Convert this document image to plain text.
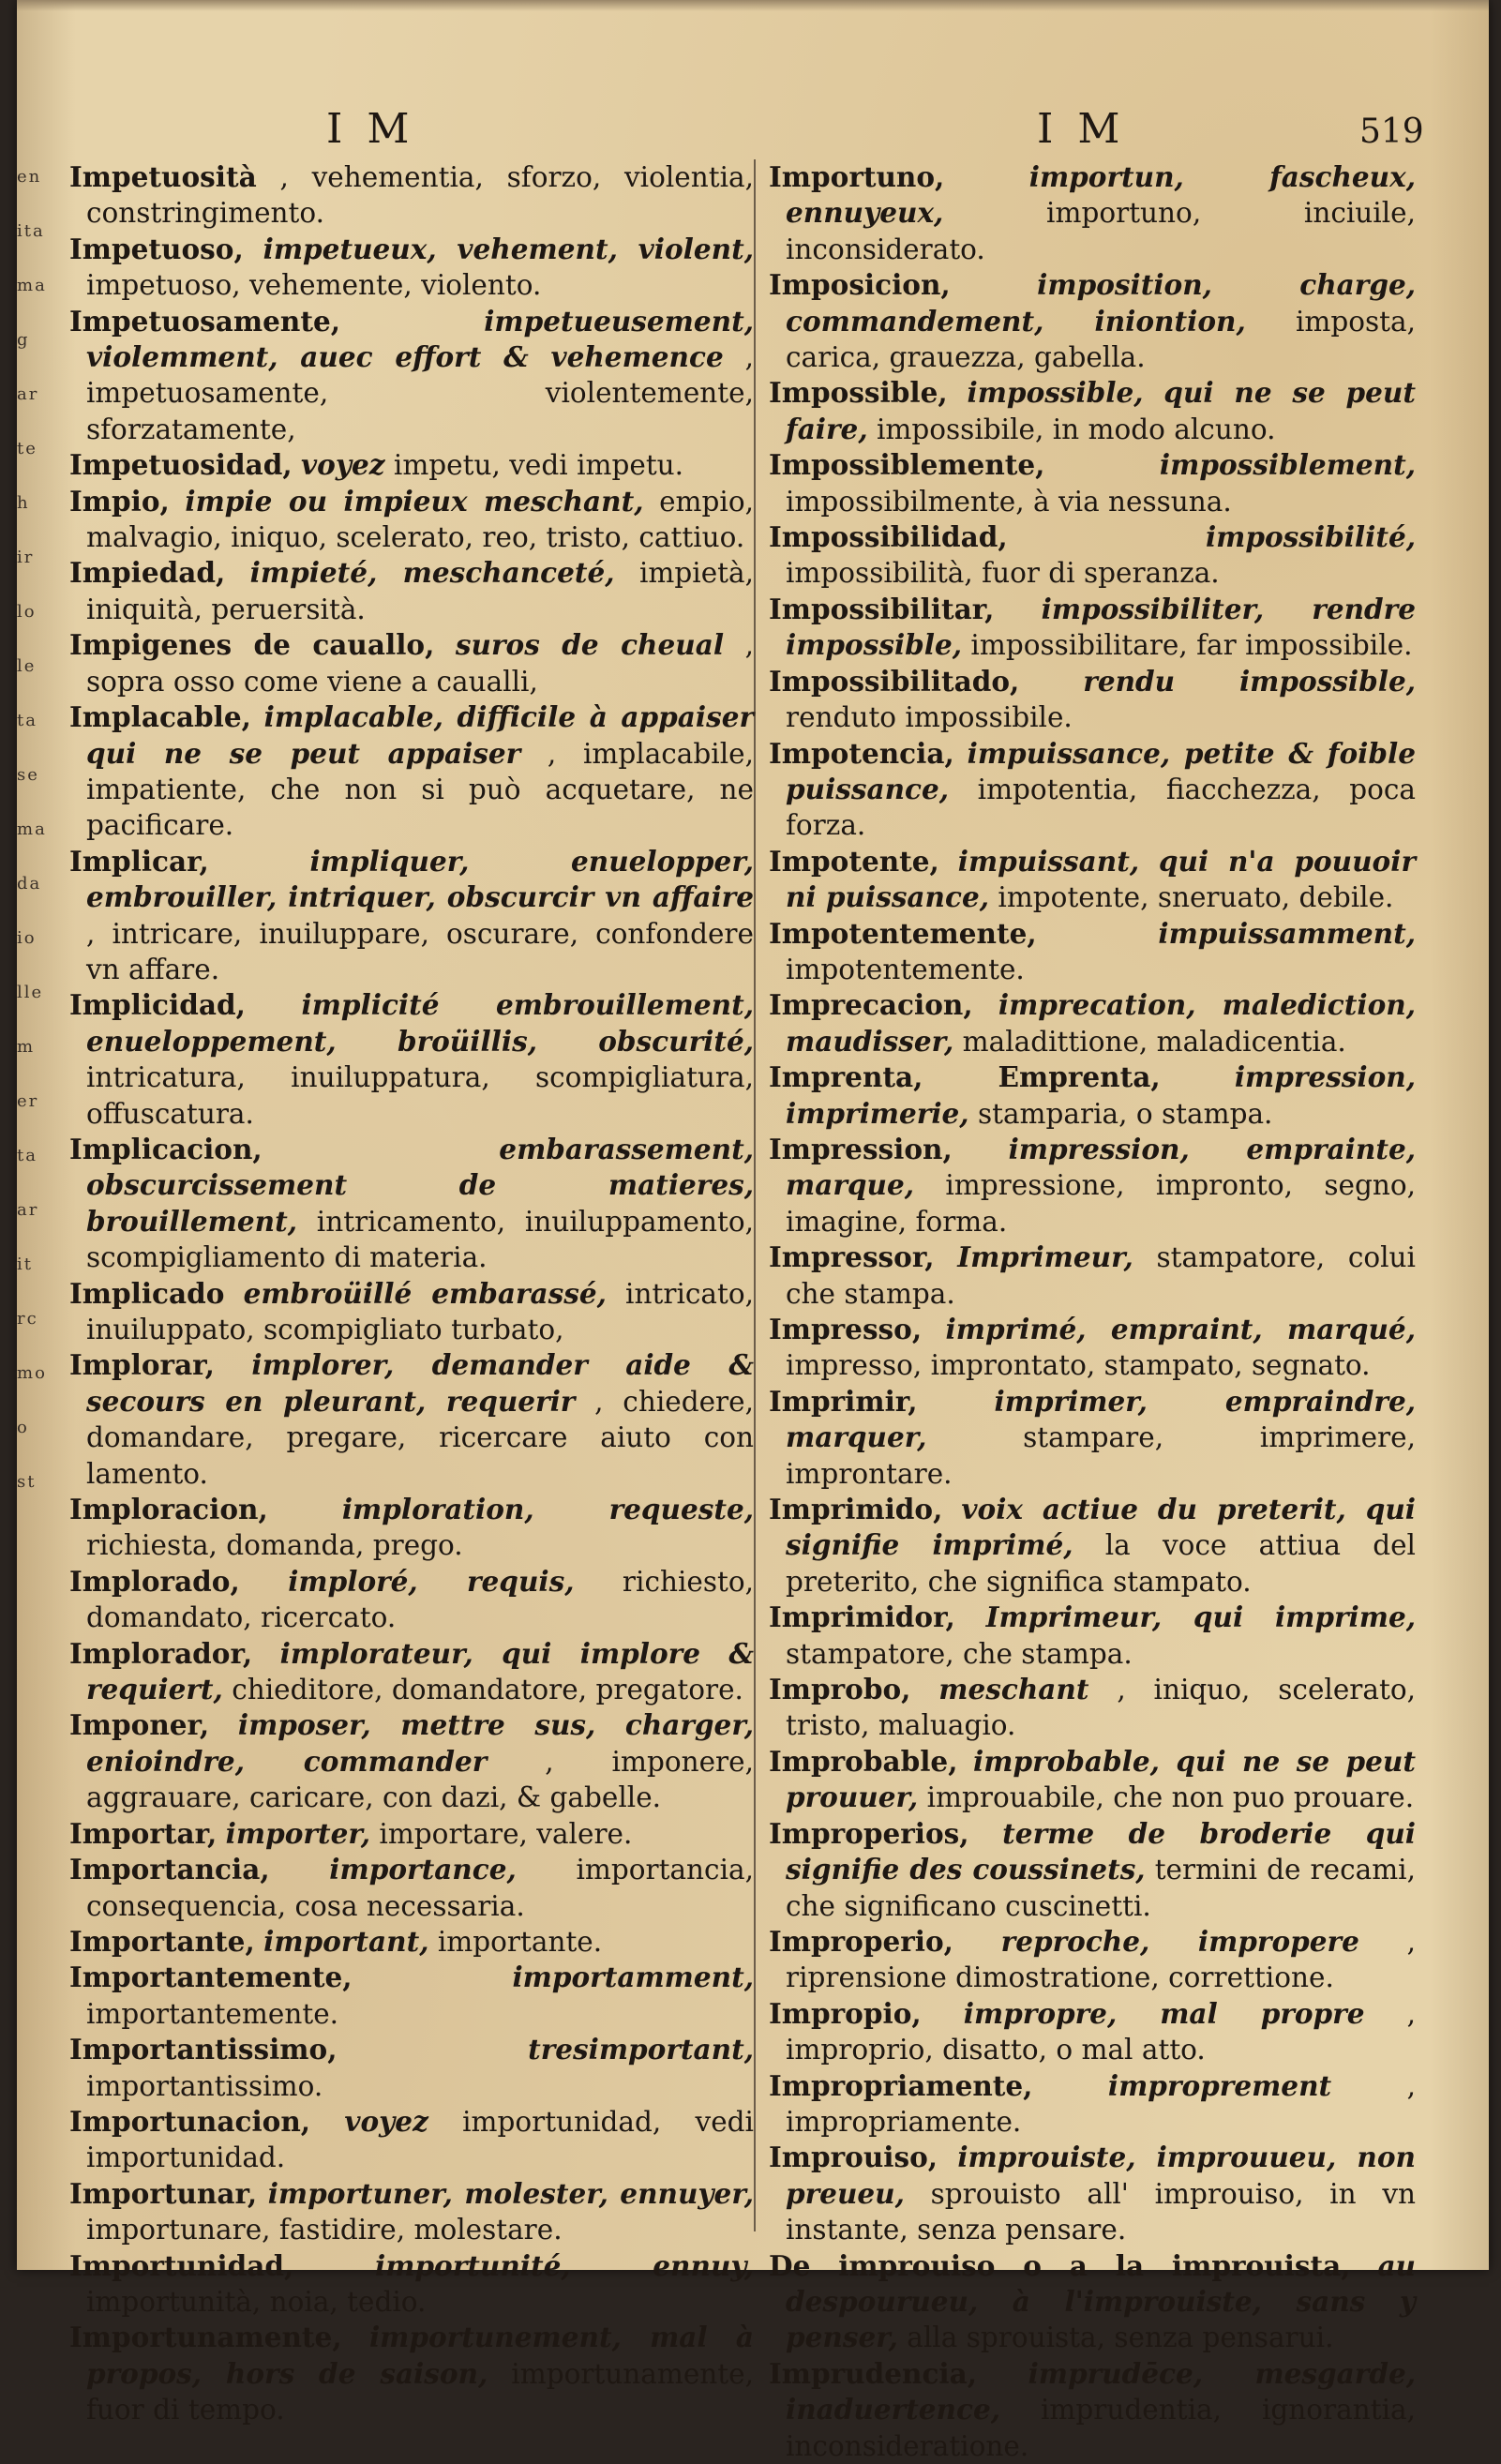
en
ita
ma
g
ar
te
h
ir
lo
le
ta
se
ma
da
io
lle
m
er
ta
ar
it
rc
mo
o
st
I M	I M	519
Impetuosità , vehementia, sforzo, violentia, constringimento.
Impetuoso, impetueux, vehement, violent, impetuoso, vehemente, violento.
Impetuosamente,	impetueusement, violemment, auec effort & vehemence , impetuosamente, violentemente, sforzatamente,
Impetuosidad, voyez impetu, vedi impetu.
Impio, impie ou impieux meschant, empio, malvagio, iniquo, scelerato, reo, tristo, cattiuo.
Impiedad, impieté, meschanceté, impietà, iniquità, peruersità.
Impigenes de cauallo, suros de cheual , sopra osso come viene a caualli,
Implacable, implacable, difficile à appaiser qui ne se peut appaiser , implacabile, impatiente, che non si può acquetare, ne pacificare.
Implicar,	impliquer, enuelopper, embrouiller, intriquer, obscurcir vn affaire , intricare, inuiluppare, oscurare, confondere vn affare.
Implicidad, implicité embrouillement, enueloppement, broüillis, obscurité, intricatura, inuiluppatura, scompigliatura, offuscatura.
Implicacion,	embarassement, obscurcissement de matieres, brouillement, intricamento, inuiluppamento, scompigliamento di materia.
Implicado embroüillé embarassé, intricato, inuiluppato, scompigliato turbato,
Implorar, implorer, demander aide & secours en pleurant, requerir , chiedere, domandare, pregare, ricercare aiuto con lamento.
Imploracion,	imploration, requeste, richiesta, domanda, prego.
Implorado, imploré, requis, richiesto, domandato, ricercato.
Implorador, implorateur, qui implore & requiert, chieditore, domandatore, pregatore.
Imponer, imposer, mettre sus, charger, enioindre, commander , imponere, aggrauare, caricare, con dazi, & gabelle.
Importar, importer, importare, valere.
Importancia, importance, importancia, consequencia, cosa necessaria.
Importante, important, importante.
Importantemente,	importamment, importantemente.
Importantissimo,	tresimportant, importantissimo.
Importunacion, voyez importunidad, vedi importunidad.
Importunar, importuner, molester, ennuyer, importunare, fastidire, molestare.
Importunidad,	importunité, ennuy, importunità, noia, tedio.
Importunamente, importunement, mal à propos, hors de saison, importunamente, fuor di tempo.
Importuno,	importun, fascheux, ennuyeux,	importuno, inciuile, inconsiderato.
Imposicion,	imposition, charge, commandement, iniontion, imposta, carica, grauezza, gabella.
Impossible, impossible, qui ne se peut faire, impossibile, in modo alcuno.
Impossiblemente,	impossiblement, impossibilmente, à via nessuna.
Impossibilidad,	impossibilité, impossibilità, fuor di speranza.
Impossibilitar, impossibiliter, rendre impossible, impossibilitare, far impossibile.
Impossibilitado, rendu impossible, renduto impossibile.
Impotencia, impuissance, petite & foible puissance, impotentia, fiacchezza, poca forza.
Impotente, impuissant, qui n'a pouuoir ni puissance, impotente, sneruato, debile.
Impotentemente,	impuissamment, impotentemente.
Imprecacion, imprecation, malediction, maudisser, maladittione, maladicentia.
Imprenta, Emprenta,	impression, imprimerie, stamparia, o stampa.
Impression, impression, emprainte, marque, impressione, improntо, segno, imagine, forma.
Impressor, Imprimeur, stampatore, colui che stampa.
Impresso, imprimé, empraint, marqué, impresso, improntato, stampato, segnato.
Imprimir,	imprimer, empraindre, marquer,	stampare, imprimere, improntare.
Imprimido, voix actiue du preterit, qui signifie imprimé, la voce attiua del preterito, che significa stampato.
Imprimidor, Imprimeur, qui imprime, stampatore, che stampa.
Improbo, meschant , iniquo, scelerato, tristo, maluagio.
Improbable, improbable, qui ne se peut prouuer, improuabile, che non puo prouare.
Improperios, terme de broderie qui signifie des coussinets, termini de recami, che significano cuscinetti.
Improperio, reproche, impropere , riprensione dimostratione, correttione.
Impropio, impropre, mal propre , improprio, disatto, o mal atto.
Impropriamente,	improprement	, impropriamente.
Improuiso, improuiste, improuueu, non preueu, sprouisto all' improuiso, in vn instante, senza pensare.
De improuiso o a la improuista, au despourueu, à l'improuiste, sans y penser, alla sprouista, senza pensarui.
Imprudencia, imprudēce, mesgarde, inaduertence, imprudentia, ignorantia, inconsideratione.
